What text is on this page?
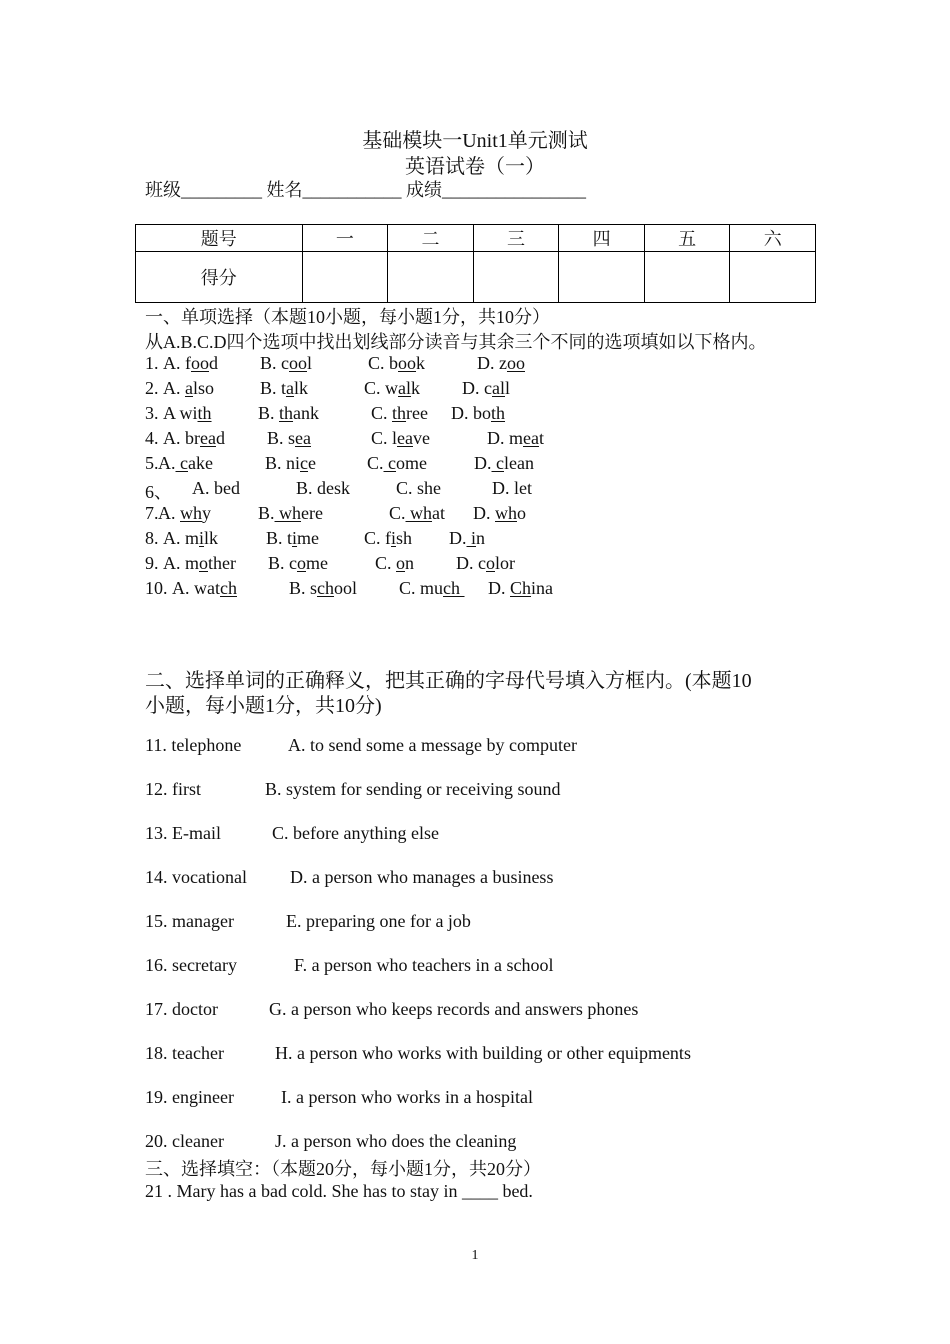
基础模块一Unit1单元测试
英语试卷（一）
班级_________ 姓名___________ 成绩________________
题号	一	二	三	四	五	六
得分						
一、单项选择（本题10小题，每小题1分，共10分）
从A.B.C.D四个选项中找出划线部分读音与其余三个不同的选项填如以下格内。
1. A. food B. cool	C. book	D. zoo
2. A. also	B. talk	C. walk D. call
3. A with	B. thank	C. three D. both
4. A. bread B. sea	C. leave	D. meat
5. A. cake	B. nice	C. come	D. clean
6、 A. bed	B. desk	C. she	D. let
7. A. why	B. where	C. what D. who
8. A. milk	B. time C. fish D. in
9. A. mother B. come	C. on D. color
10. A. watch	B. school C. much D. China
二、选择单词的正确释义，把其正确的字母代号填入方框内。(本题10
小题，每小题1分，共10分)
11. telephone	A. to send some a message by computer
12. first	B. system for sending or receiving sound
13. E-mail	C. before anything else
14. vocational D. a person who manages a business
15. manager	E. preparing one for a job
16. secretary	F. a person who teachers in a school
17. doctor	G. a person who keeps records and answers phones
18. teacher	H. a person who works with building or other equipments
19. engineer	I. a person who works in a hospital
20. cleaner	J. a person who does the cleaning
三、选择填空：（本题20分，每小题1分，共20分）
21 . Mary has a bad cold. She has to stay in ____ bed.
1
